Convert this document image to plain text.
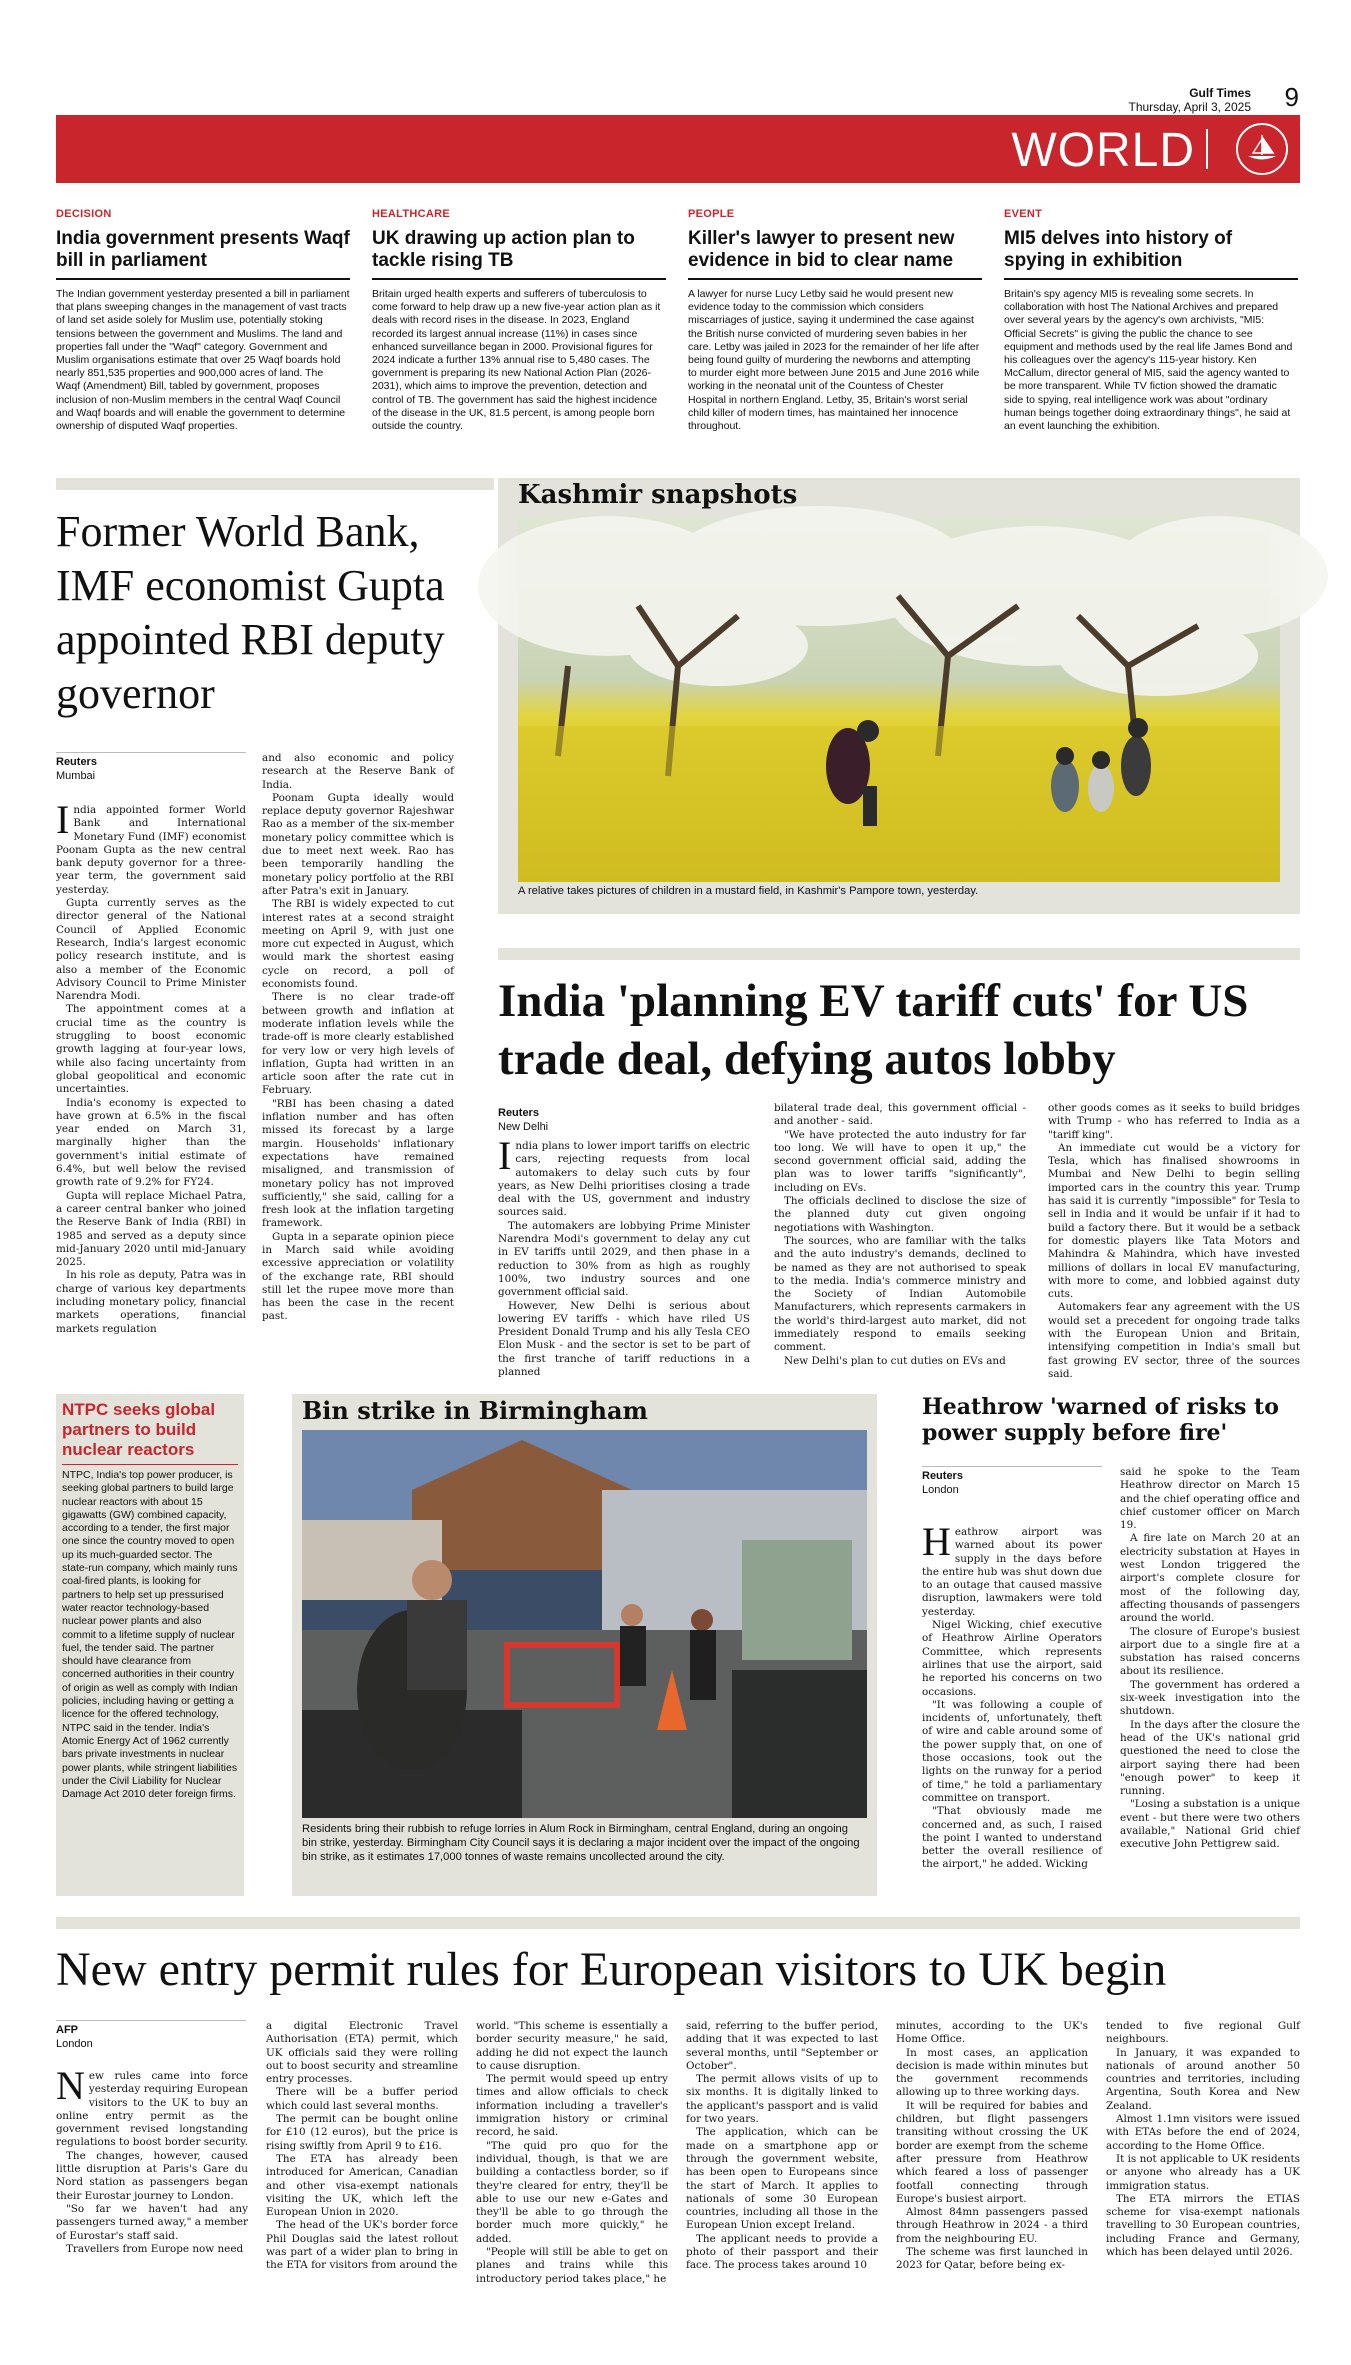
Gulf Times
Thursday, April 3, 2025 9
WORLD
DECISION
India government presents Waqf bill in parliament
The Indian government yesterday presented a bill in parliament that plans sweeping changes in the management of vast tracts of land set aside solely for Muslim use, potentially stoking tensions between the government and Muslims. The land and properties fall under the "Waqf" category. Government and Muslim organisations estimate that over 25 Waqf boards hold nearly 851,535 properties and 900,000 acres of land. The Waqf (Amendment) Bill, tabled by government, proposes inclusion of non-Muslim members in the central Waqf Council and Waqf boards and will enable the government to determine ownership of disputed Waqf properties.
HEALTHCARE
UK drawing up action plan to tackle rising TB
Britain urged health experts and sufferers of tuberculosis to come forward to help draw up a new five-year action plan as it deals with record rises in the disease. In 2023, England recorded its largest annual increase (11%) in cases since enhanced surveillance began in 2000. Provisional figures for 2024 indicate a further 13% annual rise to 5,480 cases. The government is preparing its new National Action Plan (2026-2031), which aims to improve the prevention, detection and control of TB. The government has said the highest incidence of the disease in the UK, 81.5 percent, is among people born outside the country.
PEOPLE
Killer's lawyer to present new evidence in bid to clear name
A lawyer for nurse Lucy Letby said he would present new evidence today to the commission which considers miscarriages of justice, saying it undermined the case against the British nurse convicted of murdering seven babies in her care. Letby was jailed in 2023 for the remainder of her life after being found guilty of murdering the newborns and attempting to murder eight more between June 2015 and June 2016 while working in the neonatal unit of the Countess of Chester Hospital in northern England. Letby, 35, Britain's worst serial child killer of modern times, has maintained her innocence throughout.
EVENT
MI5 delves into history of spying in exhibition
Britain's spy agency MI5 is revealing some secrets. In collaboration with host The National Archives and prepared over several years by the agency's own archivists, "MI5: Official Secrets" is giving the public the chance to see equipment and methods used by the real life James Bond and his colleagues over the agency's 115-year history. Ken McCallum, director general of MI5, said the agency wanted to be more transparent. While TV fiction showed the dramatic side to spying, real intelligence work was about "ordinary human beings together doing extraordinary things", he said at an event launching the exhibition.
Former World Bank, IMF economist Gupta appointed RBI deputy governor
Reuters
Mumbai

India appointed former World Bank and International Monetary Fund (IMF) economist Poonam Gupta as the new central bank deputy governor for a three-year term, the government said yesterday.

Gupta currently serves as the director general of the National Council of Applied Economic Research, India's largest economic policy research institute, and is also a member of the Economic Advisory Council to Prime Minister Narendra Modi.

The appointment comes at a crucial time as the country is struggling to boost economic growth lagging at four-year lows, while also facing uncertainty from global geopolitical and economic uncertainties.

India's economy is expected to have grown at 6.5% in the fiscal year ended on March 31, marginally higher than the government's initial estimate of 6.4%, but well below the revised growth rate of 9.2% for FY24.

Gupta will replace Michael Patra, a career central banker who joined the Reserve Bank of India (RBI) in 1985 and served as a deputy since mid-January 2020 until mid-January 2025.

In his role as deputy, Patra was in charge of various key departments including monetary policy, financial markets operations, financial markets regulation

and also economic and policy research at the Reserve Bank of India.

Poonam Gupta ideally would replace deputy governor Rajeshwar Rao as a member of the six-member monetary policy committee which is due to meet next week. Rao has been temporarily handling the monetary policy portfolio at the RBI after Patra's exit in January.

The RBI is widely expected to cut interest rates at a second straight meeting on April 9, with just one more cut expected in August, which would mark the shortest easing cycle on record, a poll of economists found.

There is no clear trade-off between growth and inflation at moderate inflation levels while the trade-off is more clearly established for very low or very high levels of inflation, Gupta had written in an article soon after the rate cut in February.

"RBI has been chasing a dated inflation number and has often missed its forecast by a large margin. Households' inflationary expectations have remained misaligned, and transmission of monetary policy has not improved sufficiently," she said, calling for a fresh look at the inflation targeting framework.

Gupta in a separate opinion piece in March said while avoiding excessive appreciation or volatility of the exchange rate, RBI should still let the rupee move more than has been the case in the recent past.

Kashmir snapshots
A relative takes pictures of children in a mustard field, in Kashmir's Pampore town, yesterday.
India 'planning EV tariff cuts' for US trade deal, defying autos lobby
Reuters
New Delhi

India plans to lower import tariffs on electric cars, rejecting requests from local automakers to delay such cuts by four years, as New Delhi prioritises closing a trade deal with the US, government and industry sources said.

The automakers are lobbying Prime Minister Narendra Modi's government to delay any cut in EV tariffs until 2029, and then phase in a reduction to 30% from as high as roughly 100%, two industry sources and one government official said.

However, New Delhi is serious about lowering EV tariffs - which have riled US President Donald Trump and his ally Tesla CEO Elon Musk - and the sector is set to be part of the first tranche of tariff reductions in a planned

bilateral trade deal, this government official - and another - said.

"We have protected the auto industry for far too long. We will have to open it up," the second government official said, adding the plan was to lower tariffs "significantly", including on EVs.

The officials declined to disclose the size of the planned duty cut given ongoing negotiations with Washington.

The sources, who are familiar with the talks and the auto industry's demands, declined to be named as they are not authorised to speak to the media. India's commerce ministry and the Society of Indian Automobile Manufacturers, which represents carmakers in the world's third-largest auto market, did not immediately respond to emails seeking comment.

New Delhi's plan to cut duties on EVs and

other goods comes as it seeks to build bridges with Trump - who has referred to India as a "tariff king".

An immediate cut would be a victory for Tesla, which has finalised showrooms in Mumbai and New Delhi to begin selling imported cars in the country this year. Trump has said it is currently "impossible" for Tesla to sell in India and it would be unfair if it had to build a factory there. But it would be a setback for domestic players like Tata Motors and Mahindra & Mahindra, which have invested millions of dollars in local EV manufacturing, with more to come, and lobbied against duty cuts.

Automakers fear any agreement with the US would set a precedent for ongoing trade talks with the European Union and Britain, intensifying competition in India's small but fast growing EV sector, three of the sources said.

NTPC seeks global partners to build nuclear reactors
NTPC, India's top power producer, is seeking global partners to build large nuclear reactors with about 15 gigawatts (GW) combined capacity, according to a tender, the first major one since the country moved to open up its much-guarded sector. The state-run company, which mainly runs coal-fired plants, is looking for partners to help set up pressurised water reactor technology-based nuclear power plants and also commit to a lifetime supply of nuclear fuel, the tender said. The partner should have clearance from concerned authorities in their country of origin as well as comply with Indian policies, including having or getting a licence for the offered technology, NTPC said in the tender. India's Atomic Energy Act of 1962 currently bars private investments in nuclear power plants, while stringent liabilities under the Civil Liability for Nuclear Damage Act 2010 deter foreign firms.
Bin strike in Birmingham
Residents bring their rubbish to refuge lorries in Alum Rock in Birmingham, central England, during an ongoing bin strike, yesterday. Birmingham City Council says it is declaring a major incident over the impact of the ongoing bin strike, as it estimates 17,000 tonnes of waste remains uncollected around the city.
Heathrow 'warned of risks to power supply before fire'
Reuters
London

Heathrow airport was warned about its power supply in the days before the entire hub was shut down due to an outage that caused massive disruption, lawmakers were told yesterday.

Nigel Wicking, chief executive of Heathrow Airline Operators Committee, which represents airlines that use the airport, said he reported his concerns on two occasions.

"It was following a couple of incidents of, unfortunately, theft of wire and cable around some of the power supply that, on one of those occasions, took out the lights on the runway for a period of time," he told a parliamentary committee on transport.

"That obviously made me concerned and, as such, I raised the point I wanted to understand better the overall resilience of the airport," he added. Wicking

said he spoke to the Team Heathrow director on March 15 and the chief operating office and chief customer officer on March 19.

A fire late on March 20 at an electricity substation at Hayes in west London triggered the airport's complete closure for most of the following day, affecting thousands of passengers around the world.

The closure of Europe's busiest airport due to a single fire at a substation has raised concerns about its resilience.

The government has ordered a six-week investigation into the shutdown.

In the days after the closure the head of the UK's national grid questioned the need to close the airport saying there had been "enough power" to keep it running.

"Losing a substation is a unique event - but there were two others available," National Grid chief executive John Pettigrew said.

New entry permit rules for European visitors to UK begin
AFP
London

New rules came into force yesterday requiring European visitors to the UK to buy an online entry permit as the government revised longstanding regulations to boost border security.

The changes, however, caused little disruption at Paris's Gare du Nord station as passengers began their Eurostar journey to London.

"So far we haven't had any passengers turned away," a member of Eurostar's staff said.

Travellers from Europe now need

a digital Electronic Travel Authorisation (ETA) permit, which UK officials said they were rolling out to boost security and streamline entry processes.

There will be a buffer period which could last several months.

The permit can be bought online for £10 (12 euros), but the price is rising swiftly from April 9 to £16.

The ETA has already been introduced for American, Canadian and other visa-exempt nationals visiting the UK, which left the European Union in 2020.

The head of the UK's border force Phil Douglas said the latest rollout was part of a wider plan to bring in the ETA for visitors from around the

world. "This scheme is essentially a border security measure," he said, adding he did not expect the launch to cause disruption.

The permit would speed up entry times and allow officials to check information including a traveller's immigration history or criminal record, he said.

"The quid pro quo for the individual, though, is that we are building a contactless border, so if they're cleared for entry, they'll be able to use our new e-Gates and they'll be able to go through the border much more quickly," he added.

"People will still be able to get on planes and trains while this introductory period takes place," he

said, referring to the buffer period, adding that it was expected to last several months, until "September or October".

The permit allows visits of up to six months. It is digitally linked to the applicant's passport and is valid for two years.

The application, which can be made on a smartphone app or through the government website, has been open to Europeans since the start of March. It applies to nationals of some 30 European countries, including all those in the European Union except Ireland.

The applicant needs to provide a photo of their passport and their face. The process takes around 10

minutes, according to the UK's Home Office.

In most cases, an application decision is made within minutes but the government recommends allowing up to three working days.

It will be required for babies and children, but flight passengers transiting without crossing the UK border are exempt from the scheme after pressure from Heathrow which feared a loss of passenger footfall connecting through Europe's busiest airport.

Almost 84mn passengers passed through Heathrow in 2024 - a third from the neighbouring EU.

The scheme was first launched in 2023 for Qatar, before being ex-

tended to five regional Gulf neighbours.

In January, it was expanded to nationals of around another 50 countries and territories, including Argentina, South Korea and New Zealand.

Almost 1.1mn visitors were issued with ETAs before the end of 2024, according to the Home Office.

It is not applicable to UK residents or anyone who already has a UK immigration status.

The ETA mirrors the ETIAS scheme for visa-exempt nationals travelling to 30 European countries, including France and Germany, which has been delayed until 2026.
